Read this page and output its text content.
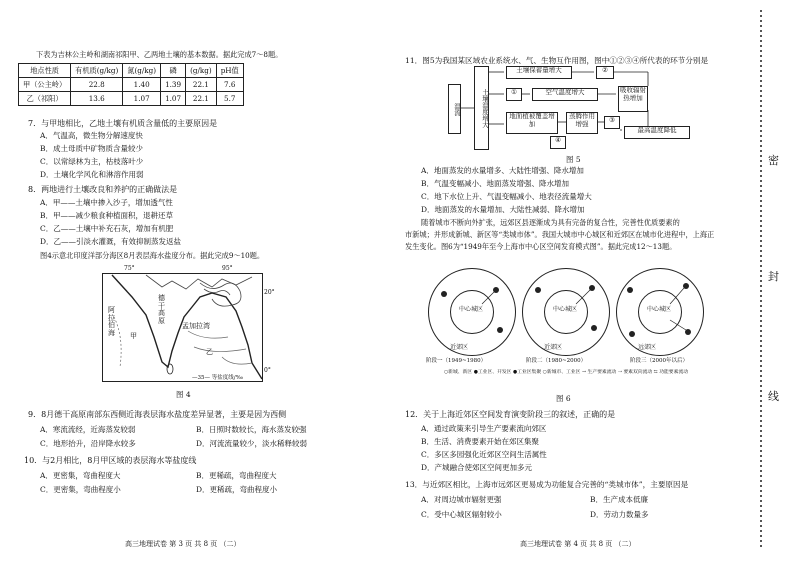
下表为吉林公主岭和湖南祁阳甲、乙两地土壤的基本数据。据此完成7～8题。
地点性质	有机质(g/kg)	氮(g/kg)	磷	(g/kg)	pH值
甲（公主岭）	22.8	1.40	1.39	22.1	7.6
乙（祁阳）	13.6	1.07	1.07	22.1	5.7
7．与甲地相比，乙地土壤有机质含量低的主要原因是
A．气温高，微生物分解速度快
B．成土母质中矿物质含量较少
C．以常绿林为主，枯枝落叶少
D．土壤化学风化和淋溶作用弱
8．两地进行土壤改良和养护的正确做法是
A．甲——土壤中掺入沙子，增加透气性
B．甲——减少粮食种植面积，退耕还草
C．乙——土壤中补充石灰，增加有机肥
D．乙——引淡水灌溉，有效抑制蒸发返盐
图4示意北印度洋部分海区8月表层海水盐度分布。据此完成9～10题。
75°	95°
20°
0°
阿拉伯海
德干高原
孟加拉湾
甲
乙
—35— 等盐度线/‰
图 4
9．8月德干高原南部东西侧近海表层海水盐度差异显著，主要是因为西侧
A．寒流流经，近海蒸发较弱	B．日照时数较长，海水蒸发较强
C．地形抬升，沿岸降水较多	D．河流流量较少，淡水稀释较弱
10．与2月相比，8月甲区域的表层海水等盐度线
A．更密集，弯曲程度大	B．更稀疏，弯曲程度大
C．更密集，弯曲程度小	D．更稀疏，弯曲程度小
高三地理试卷 第 3 页 共 8 页 （二）
11．图5为我国某区域农业系统水、气、生物互作用图，图中①②③④所代表的环节分别是
温流	土壤温度增大
土壤保蓄量增大	②
①	空气温度增大	吸收辐射热增加
地面植被覆盖增加
蒸腾作用增强	③
最高温度降低
④
图 5
A．地面蒸发的水量增多、大陆性增强、降水增加
B．气温变幅减小、地面蒸发增强、降水增加
C．地下水位上升、气温变幅减小、地表径流量增大
D．地面蒸发的水量增加、大陆性减弱、降水增加
随着城市不断向外扩张，远郊区县逐渐成为具有完备的复合性，完善性优质要素的
市新城；并形成新城、新区等“类城市体”。我国大城市中心城区和近郊区在城市化进程中，上海正
发生变化。图6为“1949年至今上海市中心区空间发育模式图”。据此完成12～13题。
中心城区
近郊区
中心城区
近郊区
中心城区
远郊区
阶段一（1949~1980）	阶段二（1980~2000）	阶段三（2000年以后）
○新城、新区 ●工业区、开发区 ●工业区集聚 ○新城市、工业区 → 生产要素流动 ⇢ 要素双向流动 ⇆ 功能要素流动
图 6
12．关于上海近郊区空间发育演变阶段三的叙述，正确的是
A．通过政策来引导生产要素流向郊区
B．生活、消费要素开始在郊区集聚
C．多区多园强化近郊区空间生活属性
D．产城融合使郊区空间更加多元
13．与近郊区相比，上海市远郊区更易成为功能复合完善的“类城市体”，主要原因是
A．对周边城市辐射更强	B．生产成本低廉
C．受中心城区辐射较小	D．劳动力数量多
高三地理试卷 第 4 页 共 8 页 （二）
密
封
线
